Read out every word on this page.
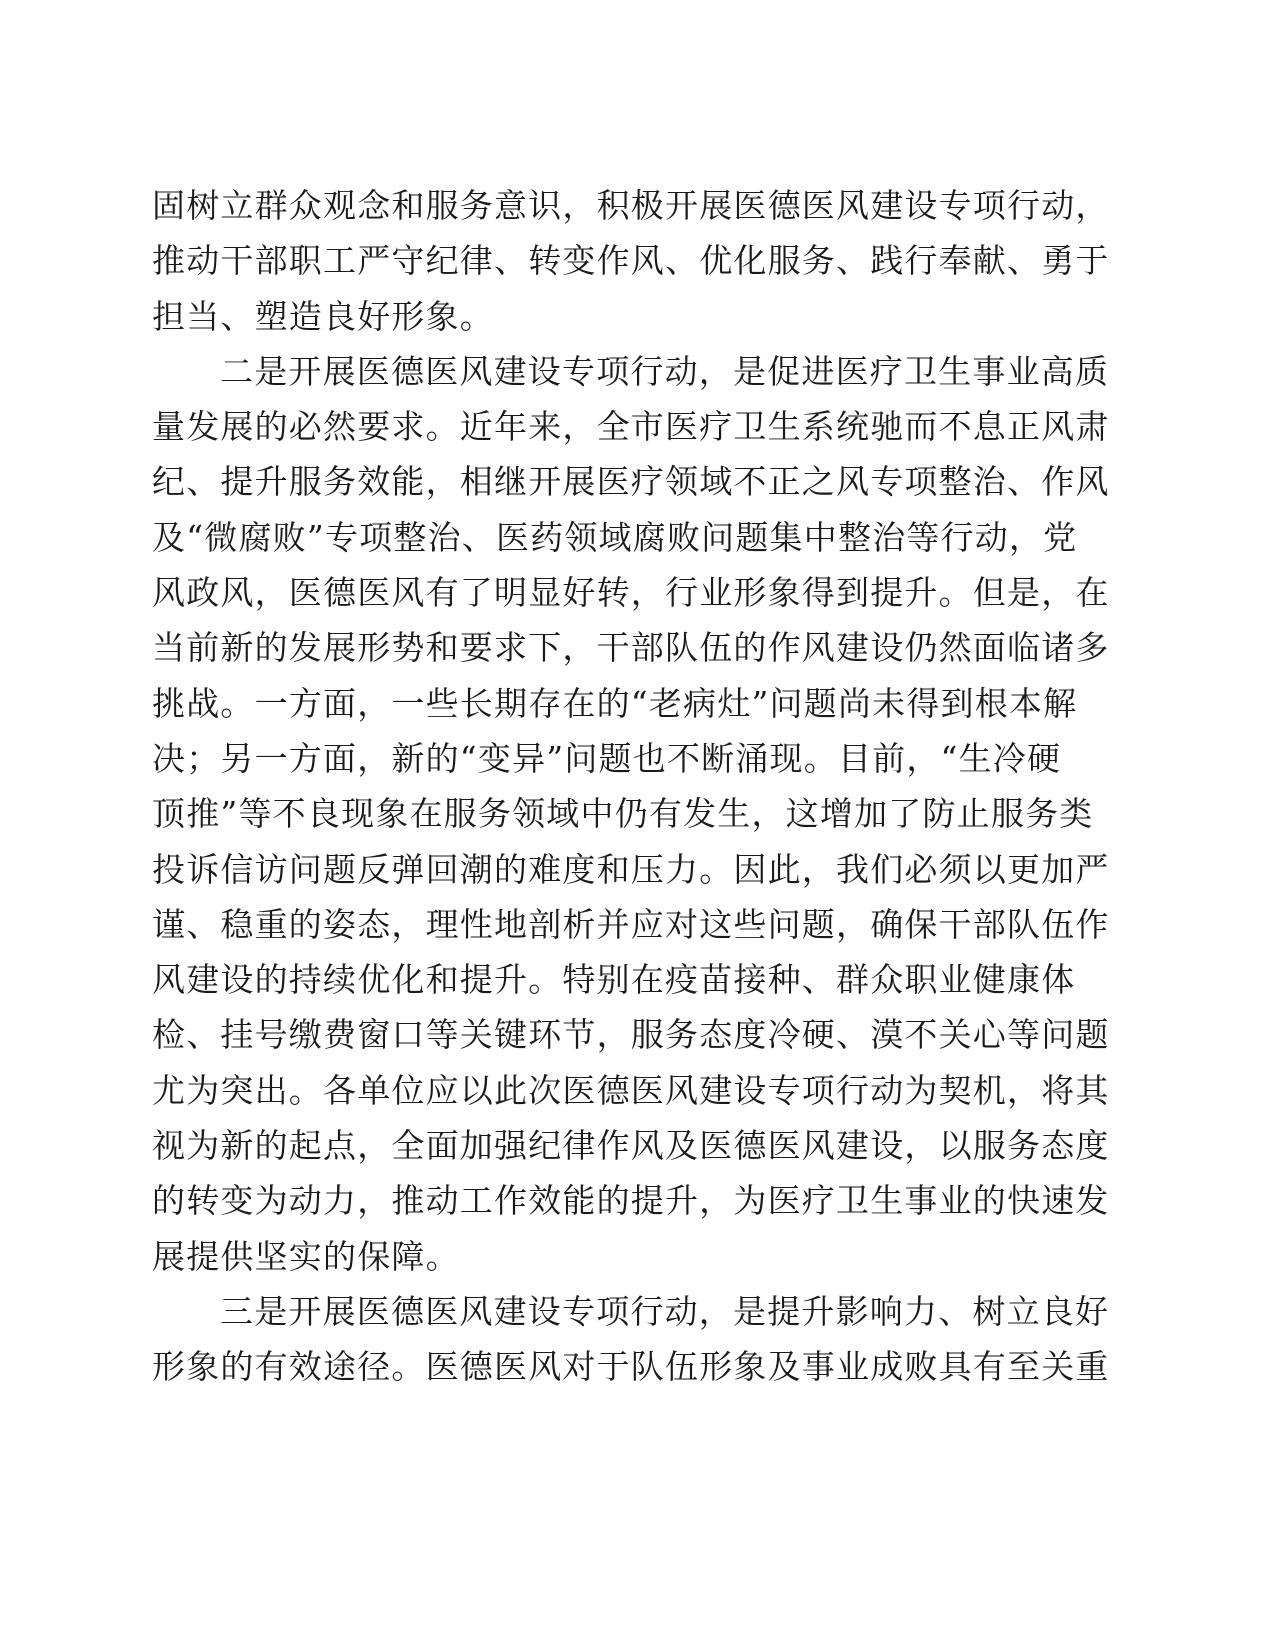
固树立群众观念和服务意识，积极开展医德医风建设专项行动，
推动干部职工严守纪律、转变作风、优化服务、践行奉献、勇于
担当、塑造良好形象。
二是开展医德医风建设专项行动，是促进医疗卫生事业高质
量发展的必然要求。近年来，全市医疗卫生系统驰而不息正风肃
纪、提升服务效能，相继开展医疗领域不正之风专项整治、作风
及“微腐败”专项整治、医药领域腐败问题集中整治等行动，党
风政风，医德医风有了明显好转，行业形象得到提升。但是，在
当前新的发展形势和要求下，干部队伍的作风建设仍然面临诸多
挑战。一方面，一些长期存在的“老病灶”问题尚未得到根本解
决；另一方面，新的“变异”问题也不断涌现。目前，“生冷硬
顶推”等不良现象在服务领域中仍有发生，这增加了防止服务类
投诉信访问题反弹回潮的难度和压力。因此，我们必须以更加严
谨、稳重的姿态，理性地剖析并应对这些问题，确保干部队伍作
风建设的持续优化和提升。特别在疫苗接种、群众职业健康体
检、挂号缴费窗口等关键环节，服务态度冷硬、漠不关心等问题
尤为突出。各单位应以此次医德医风建设专项行动为契机，将其
视为新的起点，全面加强纪律作风及医德医风建设，以服务态度
的转变为动力，推动工作效能的提升，为医疗卫生事业的快速发
展提供坚实的保障。
三是开展医德医风建设专项行动，是提升影响力、树立良好
形象的有效途径。医德医风对于队伍形象及事业成败具有至关重
